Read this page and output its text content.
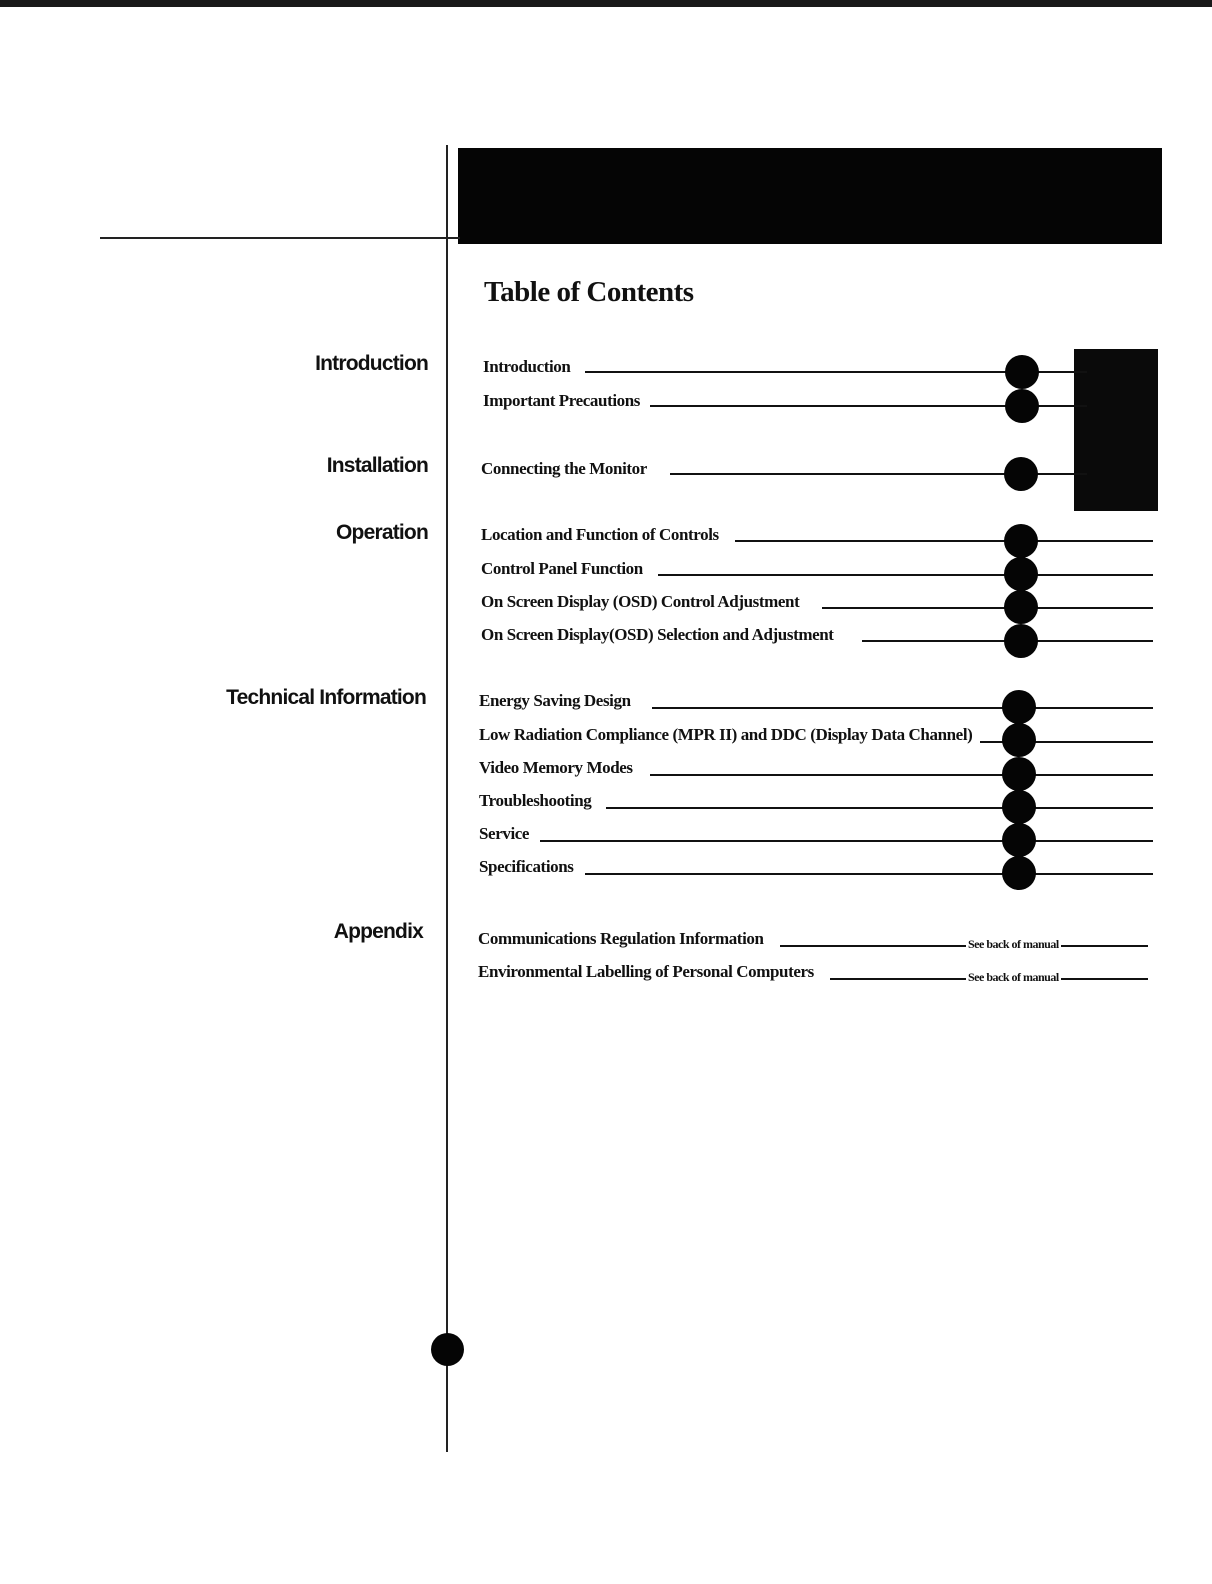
Table of Contents
Introduction
Installation
Operation
Technical Information
Appendix
Introduction
Important Precautions
Connecting the Monitor
Location and Function of Controls
Control Panel Function
On Screen Display (OSD) Control Adjustment
On Screen Display(OSD) Selection and Adjustment
Energy Saving Design
Low Radiation Compliance (MPR II) and DDC (Display Data Channel)
Video Memory Modes
Troubleshooting
Service
Specifications
Communications Regulation Information	See back of manual
Environmental Labelling of Personal Computers	See back of manual
